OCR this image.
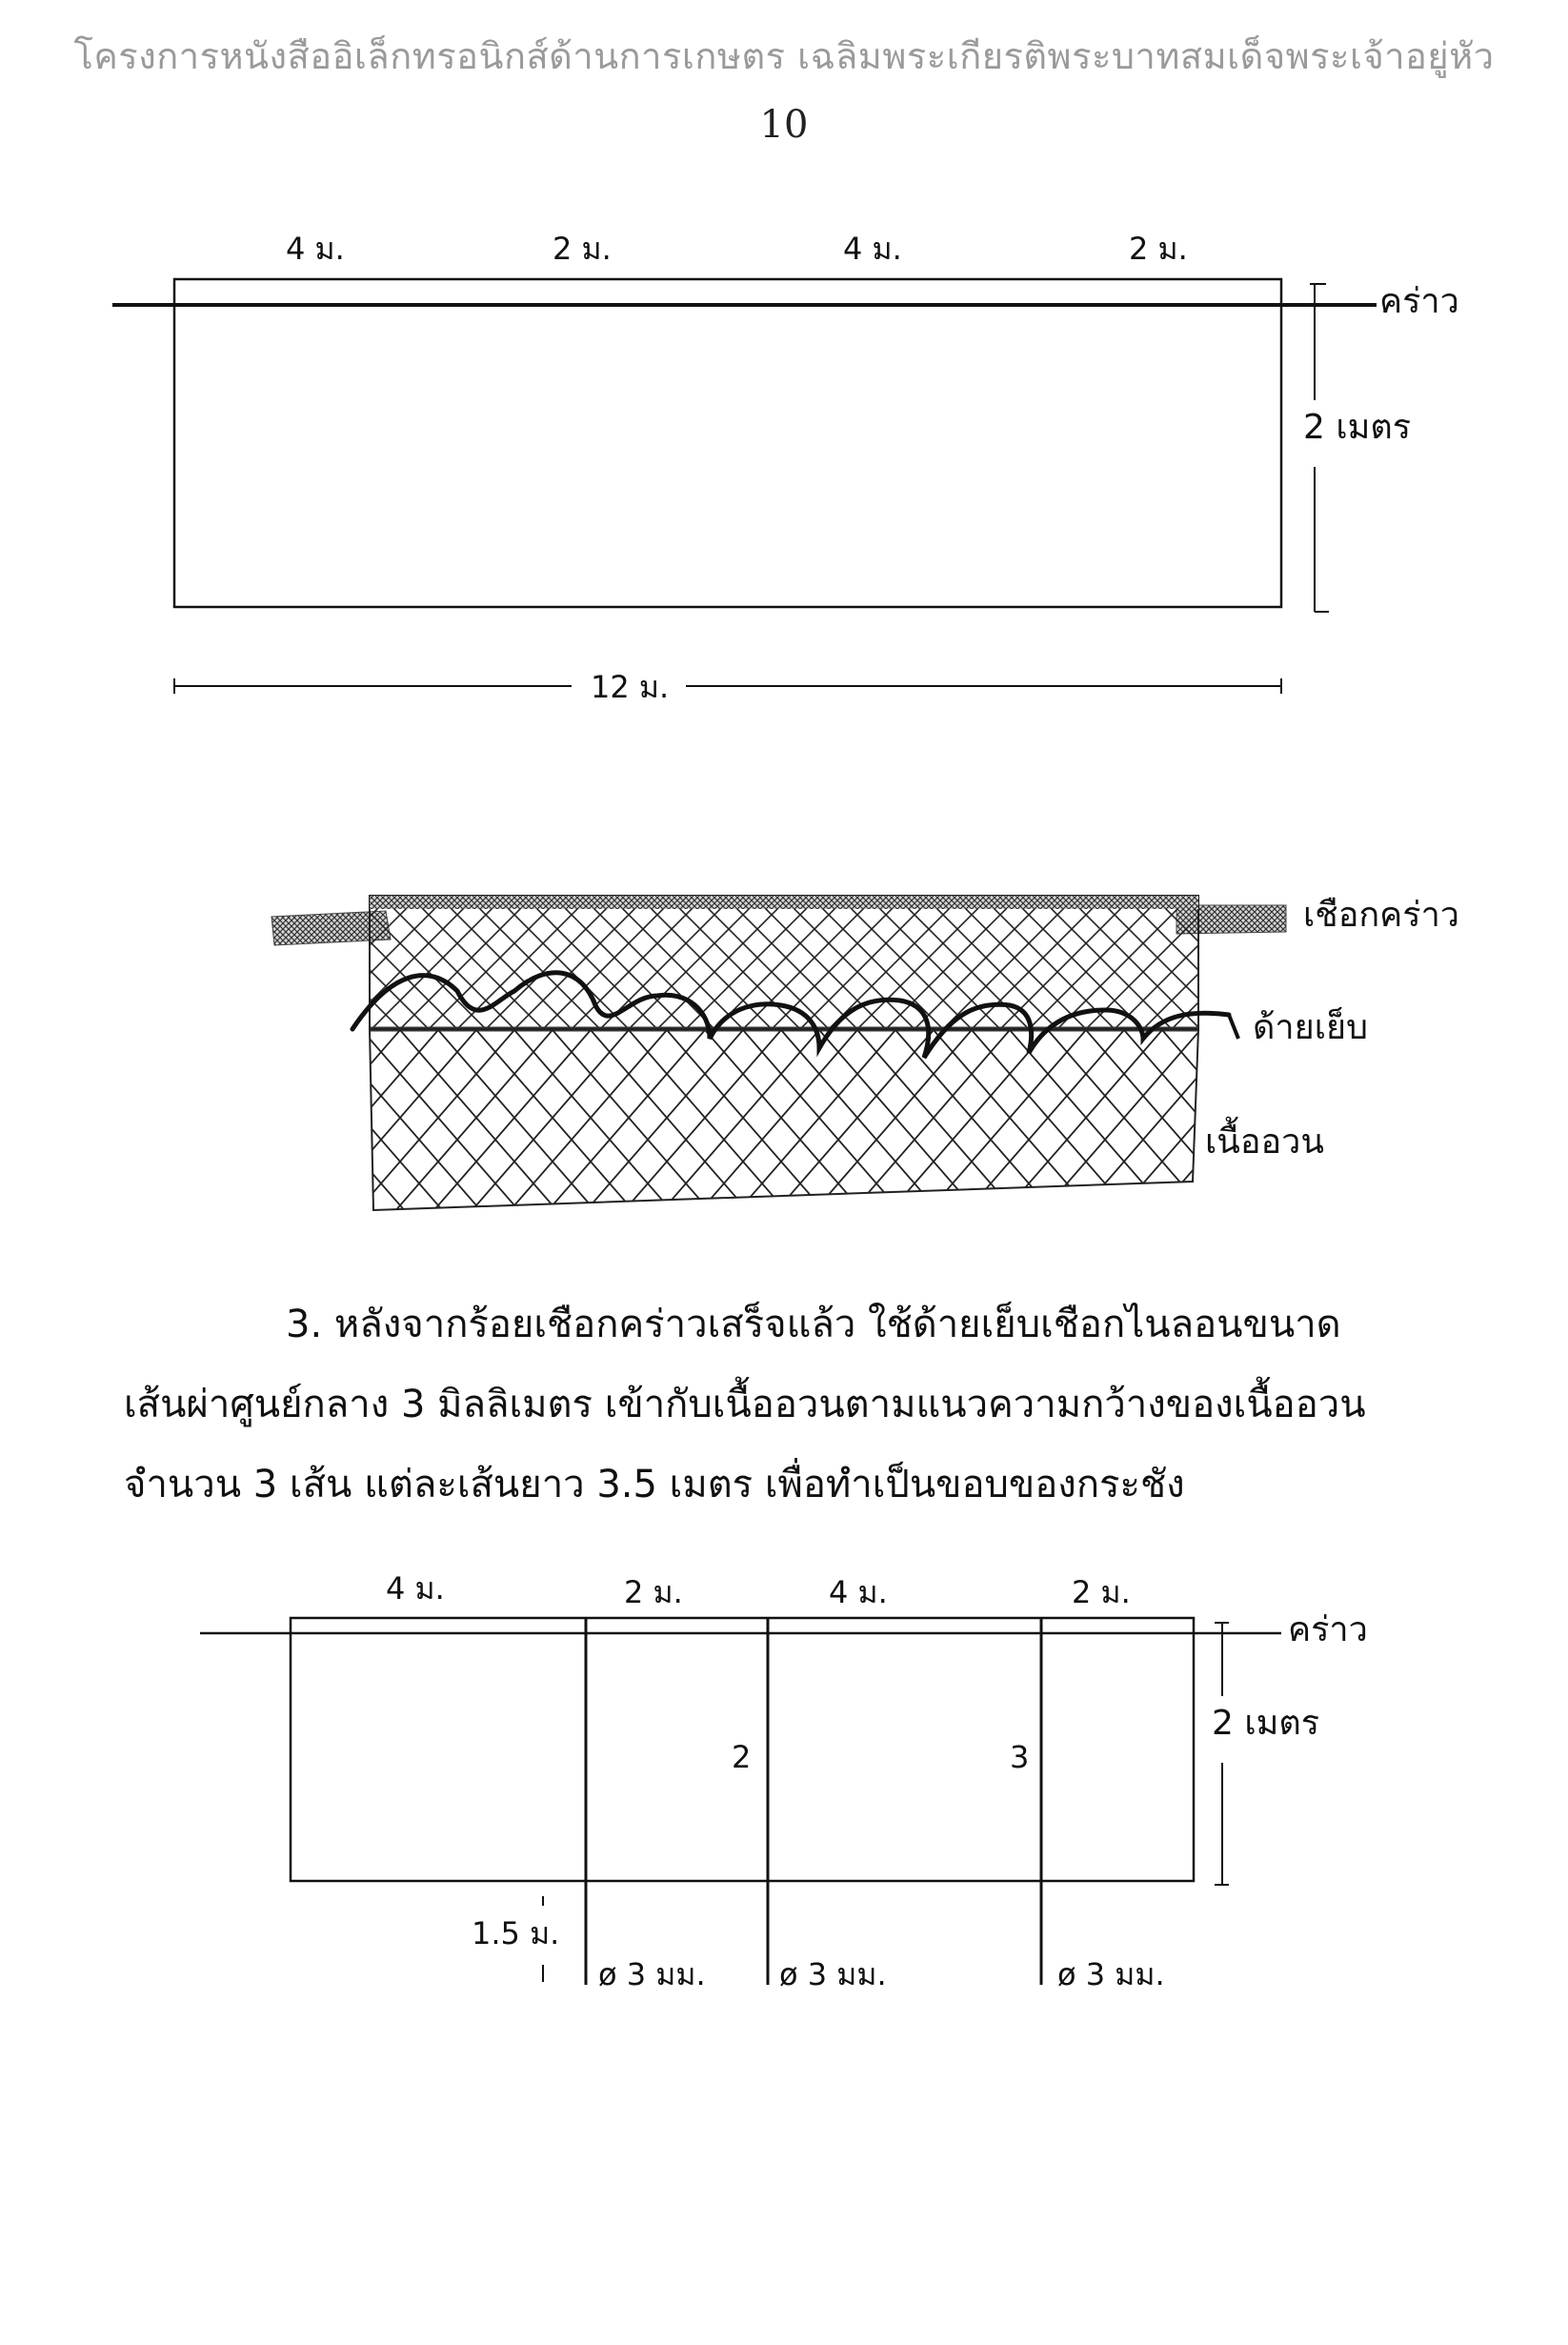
โครงการหนังสืออิเล็กทรอนิกส์ด้านการเกษตร เฉลิมพระเกียรติพระบาทสมเด็จพระเจ้าอยู่หัว
10
4 ม.	2 ม.	4 ม.	2 ม.
คร่าว
2 เมตร
12 ม.
เชือกคร่าว
ด้ายเย็บ
เนื้ออวน

3. หลังจากร้อยเชือกคร่าวเสร็จแล้ว ใช้ด้ายเย็บเชือกไนลอนขนาด

เส้นผ่าศูนย์กลาง 3 มิลลิเมตร เข้ากับเนื้ออวนตามแนวความกว้างของเนื้ออวน

จำนวน 3 เส้น แต่ละเส้นยาว 3.5 เมตร เพื่อทำเป็นขอบของกระชัง

4 ม.	2 ม.	4 ม.	2 ม.
คร่าว
2 เมตร
2	3
1.5 ม.
ø 3 มม. ø 3 มม.	ø 3 มม.
